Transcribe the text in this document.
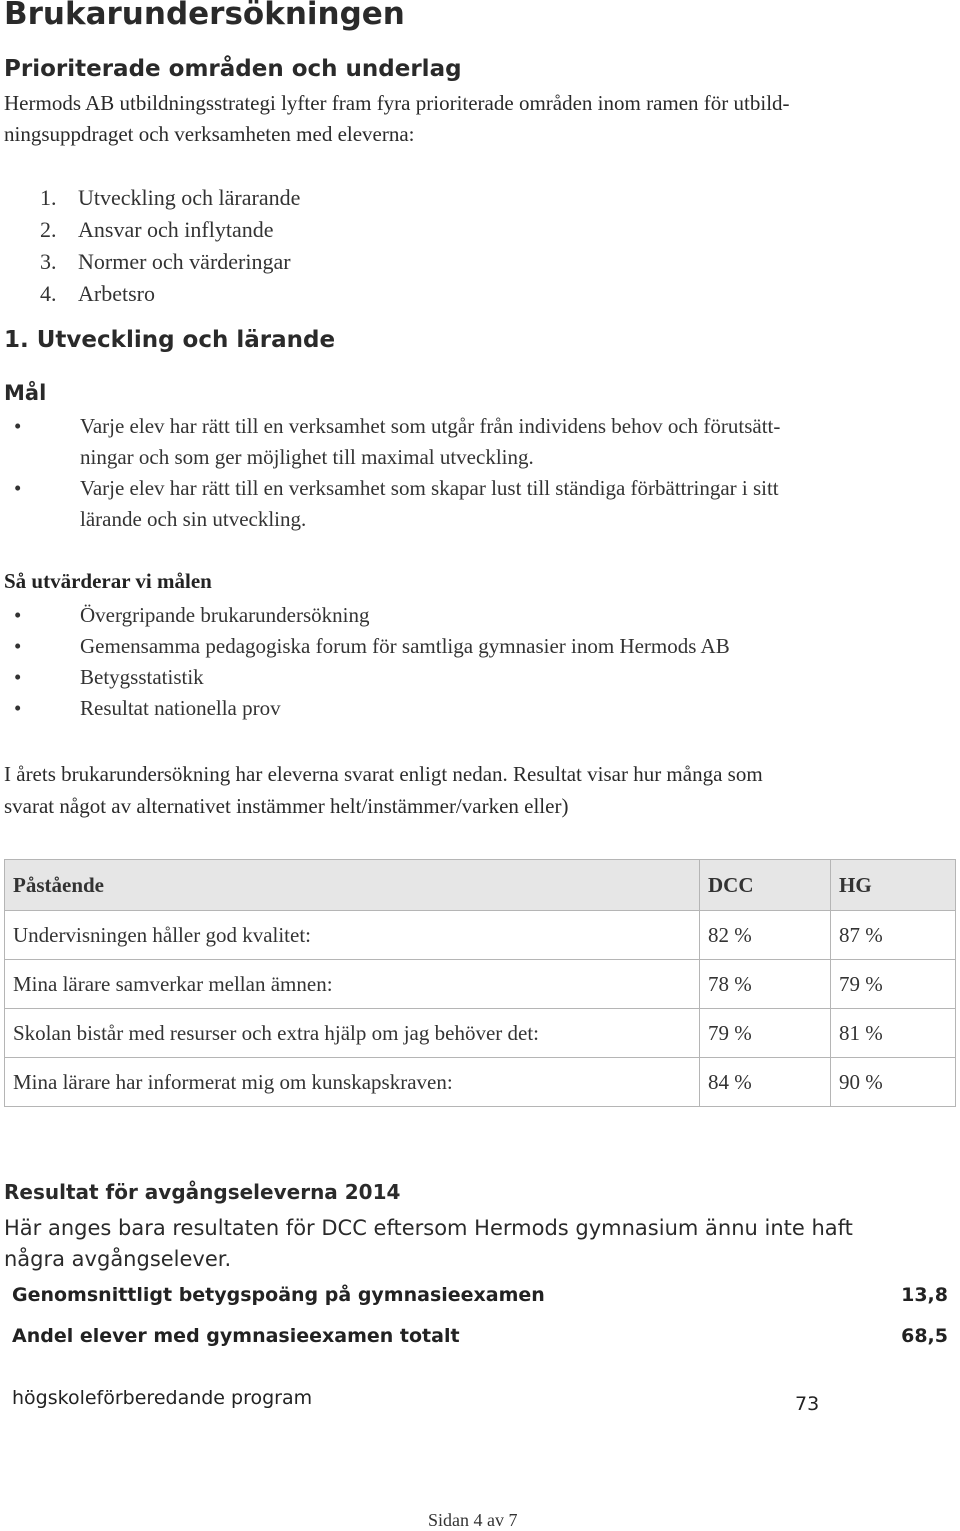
Brukarundersökningen
Prioriterade områden och underlag
Hermods AB utbildningsstrategi lyfter fram fyra prioriterade områden inom ramen för utbild-
ningsuppdraget och verksamheten med eleverna:
1. Utveckling och lärarande
2. Ansvar och inflytande
3. Normer och värderingar
4. Arbetsro
1. Utveckling och lärande
Mål
•	Varje elev har rätt till en verksamhet som utgår från individens behov och förutsätt-
ningar och som ger möjlighet till maximal utveckling.
•	Varje elev har rätt till en verksamhet som skapar lust till ständiga förbättringar i sitt
lärande och sin utveckling.
Så utvärderar vi målen
•	Övergripande brukarundersökning
•	Gemensamma pedagogiska forum för samtliga gymnasier inom Hermods AB
•	Betygsstatistik
•	Resultat nationella prov
I årets brukarundersökning har eleverna svarat enligt nedan. Resultat visar hur många som
svarat något av alternativet instämmer helt/instämmer/varken eller)
Påstående	DCC	HG
Undervisningen håller god kvalitet:	82 %	87 %
Mina lärare samverkar mellan ämnen:	78 %	79 %
Skolan bistår med resurser och extra hjälp om jag behöver det:	79 %	81 %
Mina lärare har informerat mig om kunskapskraven:	84 %	90 %
Resultat för avgångseleverna 2014
Här anges bara resultaten för DCC eftersom Hermods gymnasium ännu inte haft
några avgångselever.
Genomsnittligt betygspoäng på gymnasieexamen	13,8
Andel elever med gymnasieexamen totalt	68,5
högskoleförberedande program	73
Sidan 4 av 7
